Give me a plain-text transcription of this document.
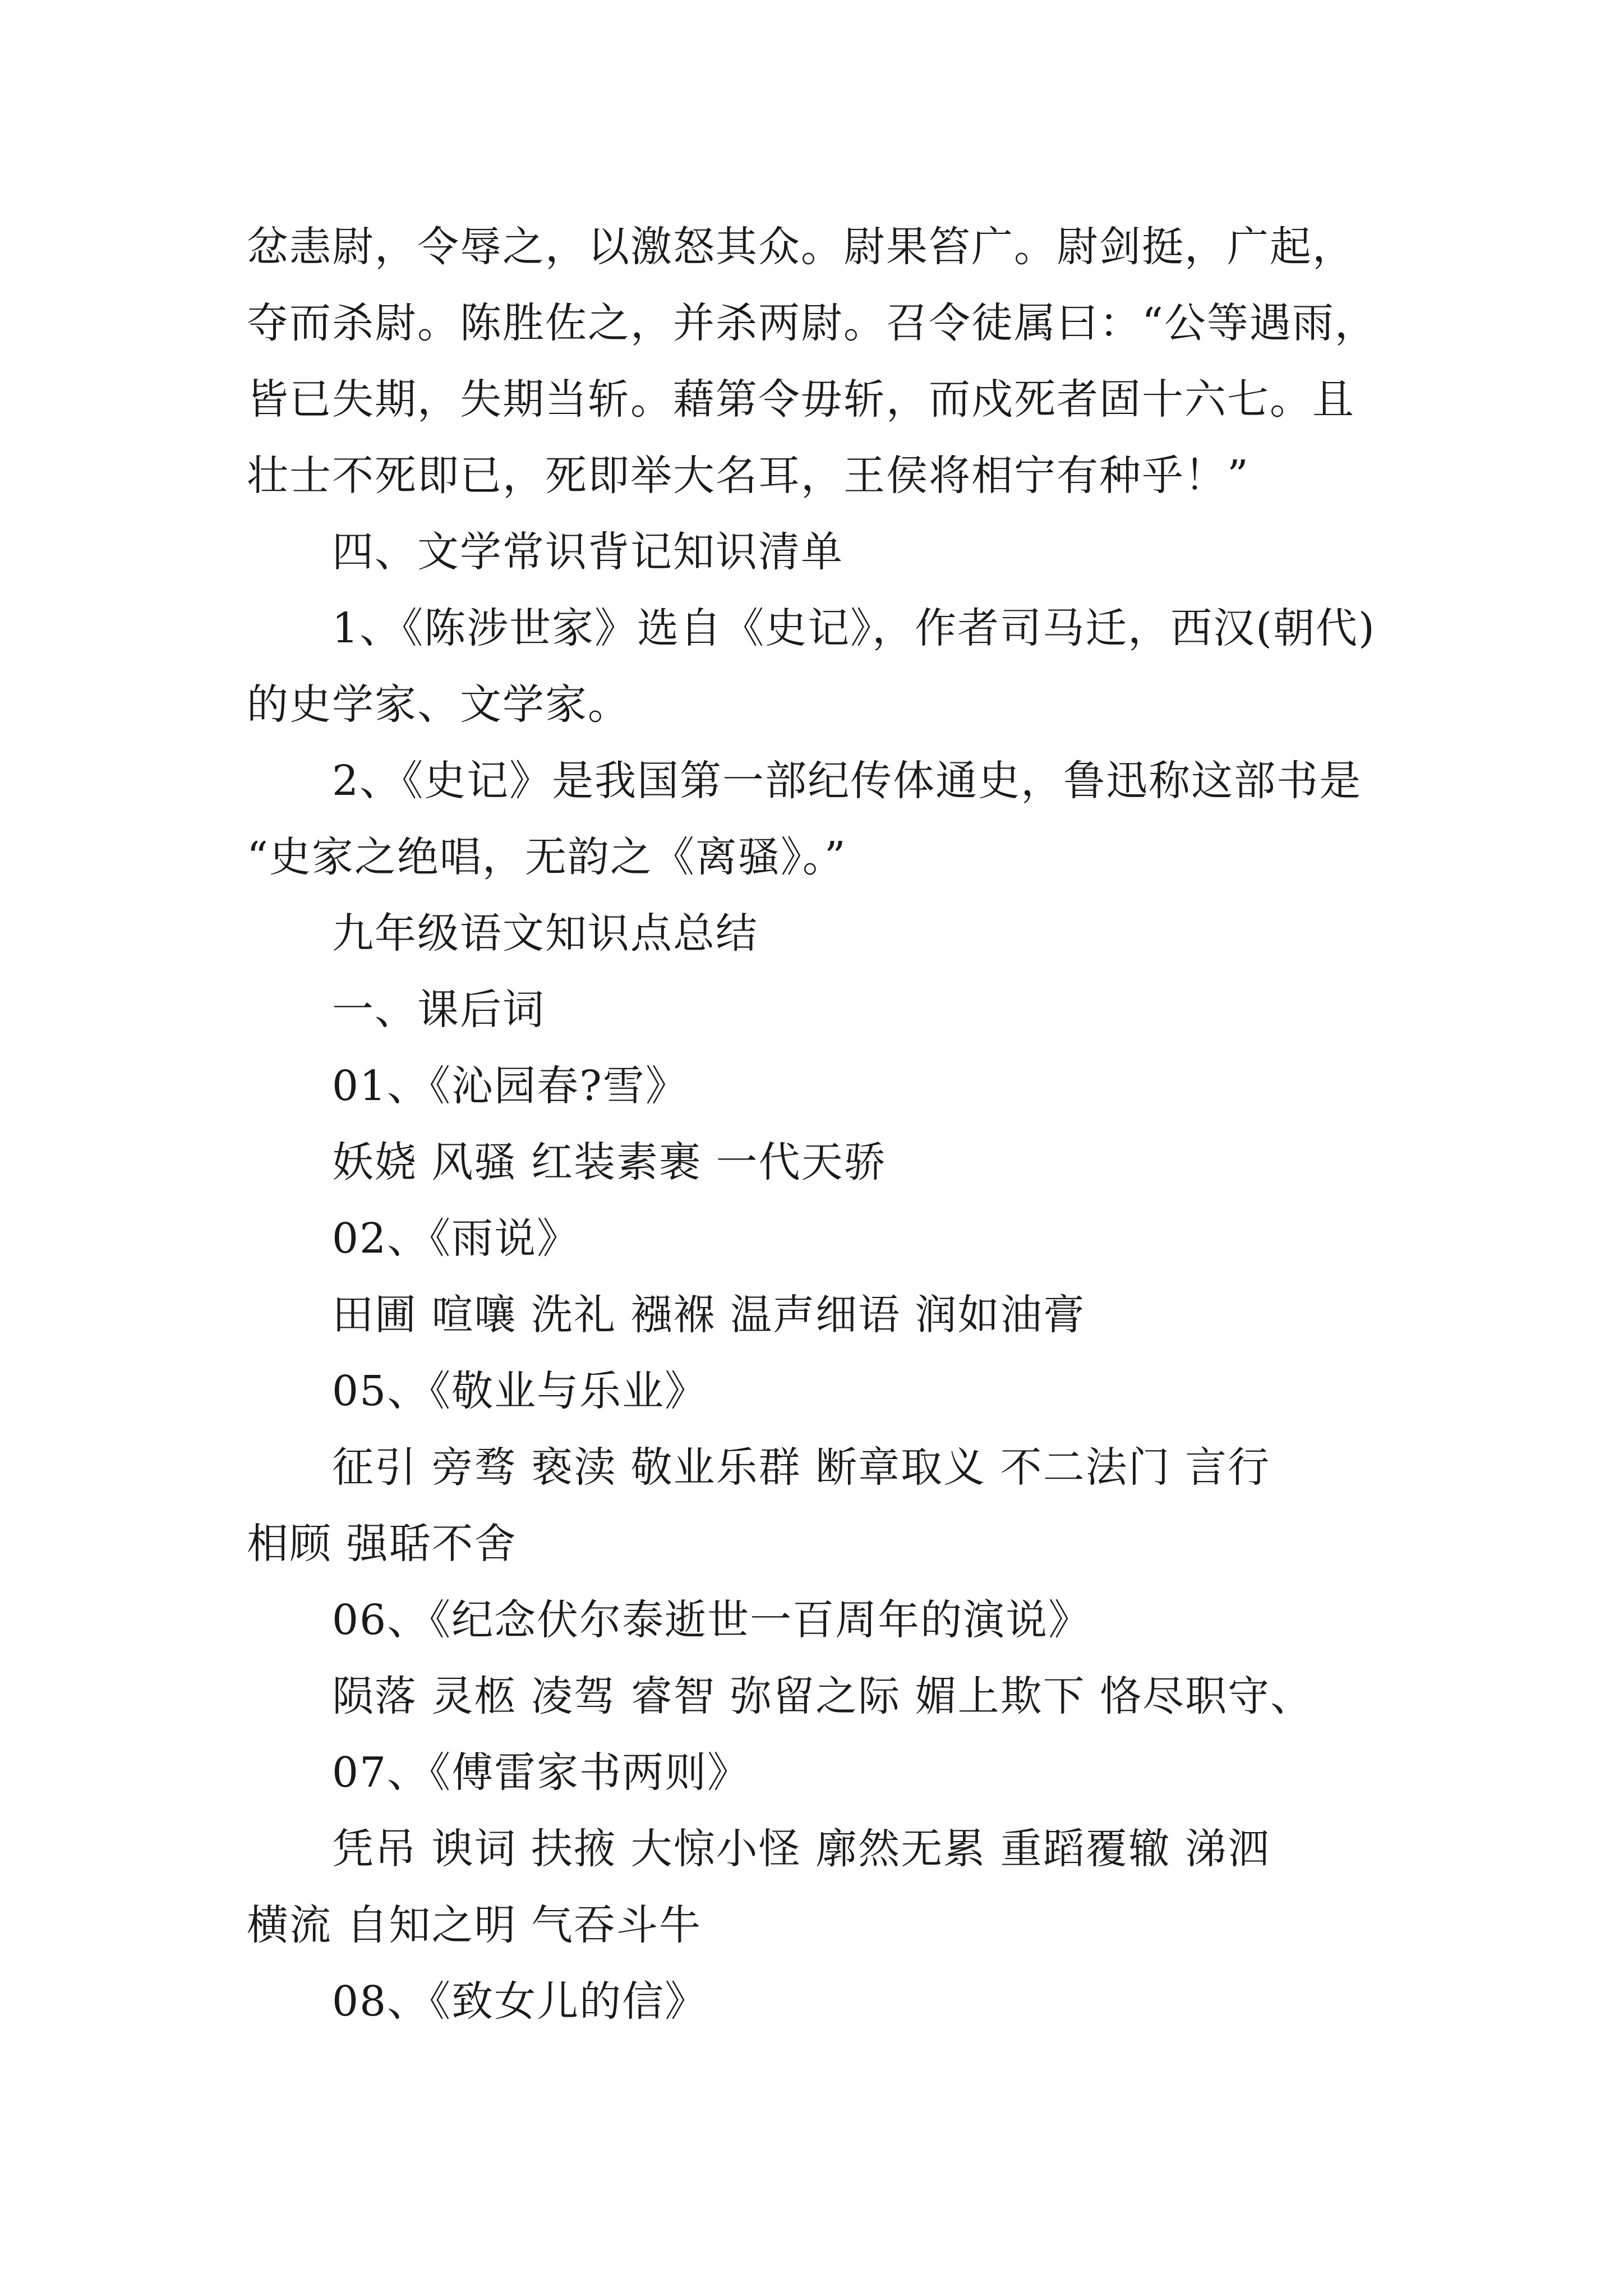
忿恚尉，令辱之，以激怒其众。尉果笞广。尉剑挺，广起，
夺而杀尉。陈胜佐之，并杀两尉。召令徒属曰：“公等遇雨，
皆已失期，失期当斩。藉第令毋斩，而戍死者固十六七。且
壮士不死即已，死即举大名耳，王侯将相宁有种乎！”
四、文学常识背记知识清单
1、《陈涉世家》选自《史记》，作者司马迁，西汉(朝代)
的史学家、文学家。
2、《史记》是我国第一部纪传体通史，鲁迅称这部书是
“史家之绝唱，无韵之《离骚》。”
九年级语文知识点总结
一、课后词
01、《沁园春?雪》
妖娆 风骚 红装素裹 一代天骄
02、《雨说》
田圃 喧嚷 洗礼 襁褓 温声细语 润如油膏
05、《敬业与乐业》
征引 旁骛 亵渎 敬业乐群 断章取义 不二法门 言行
相顾 强聒不舍
06、《纪念伏尔泰逝世一百周年的演说》
陨落 灵柩 凌驾 睿智 弥留之际 媚上欺下 恪尽职守、
07、《傅雷家书两则》
凭吊 谀词 扶掖 大惊小怪 廓然无累 重蹈覆辙 涕泗
横流 自知之明 气吞斗牛
08、《致女儿的信》
